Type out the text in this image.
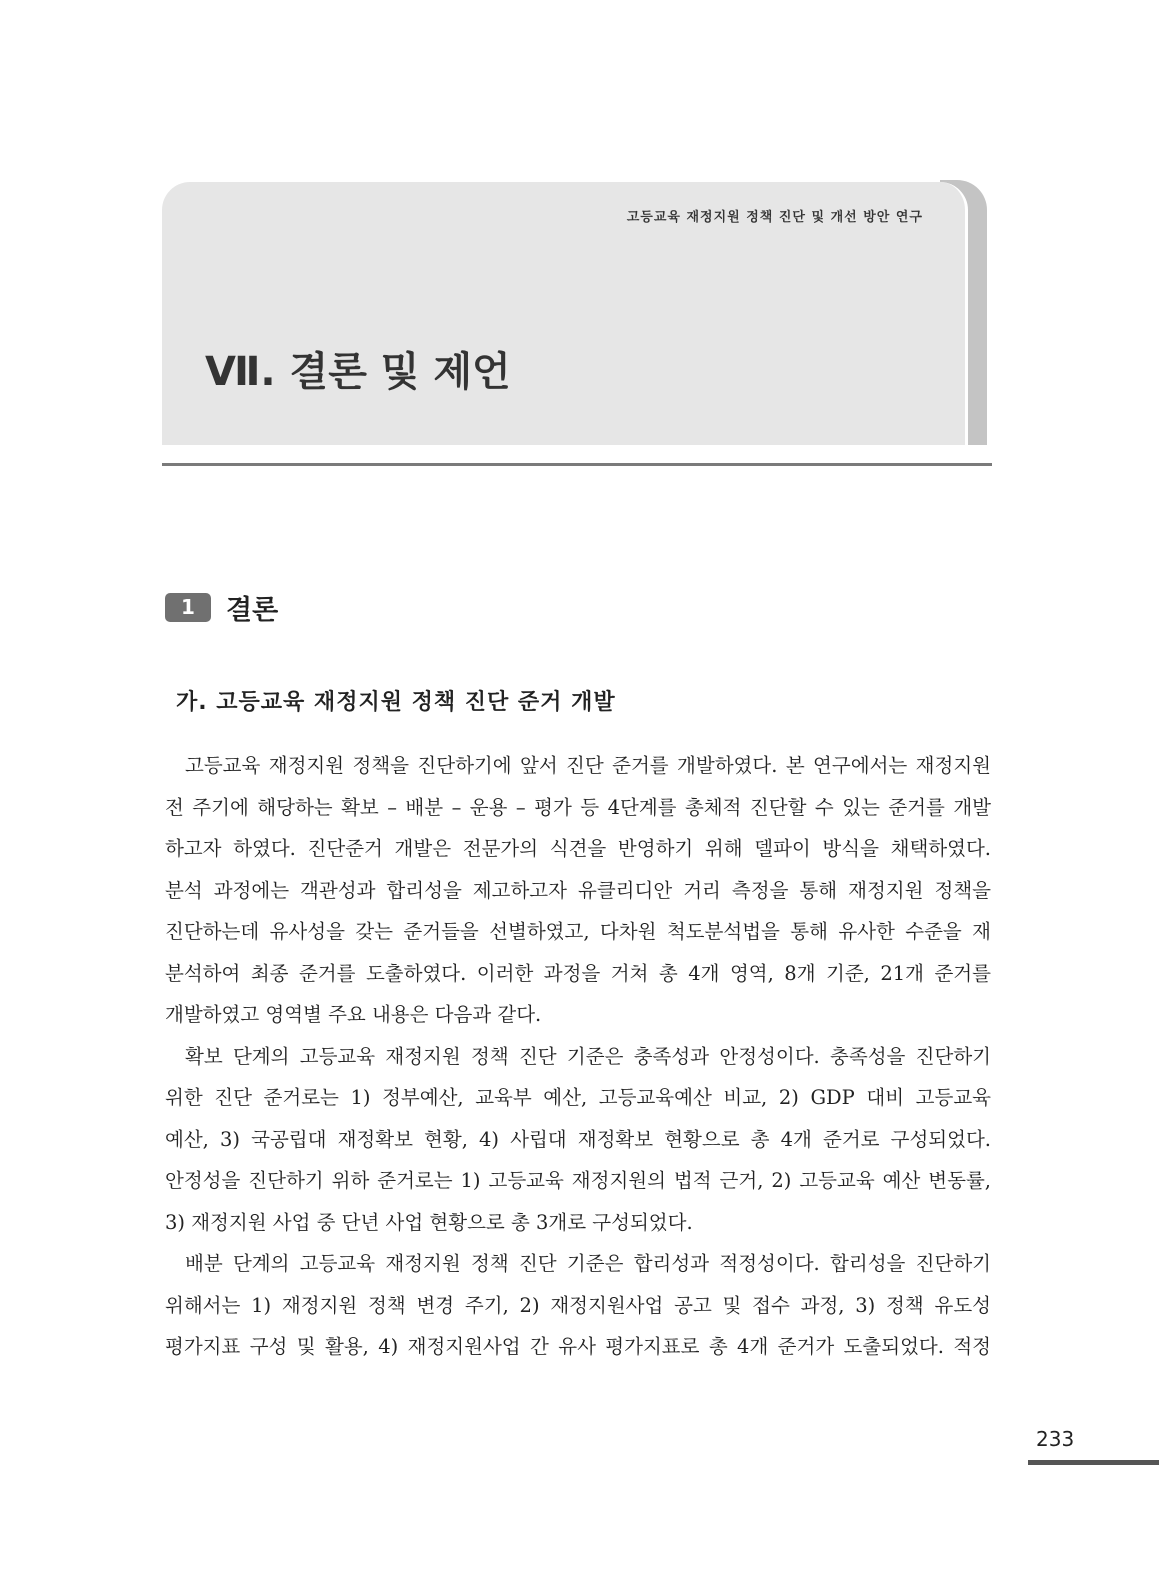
고등교육 재정지원 정책 진단 및 개선 방안 연구
Ⅶ. 결론 및 제언
1	결론
가. 고등교육 재정지원 정책 진단 준거 개발
고등교육 재정지원 정책을 진단하기에 앞서 진단 준거를 개발하였다. 본 연구에서는 재정지원
전 주기에 해당하는 확보 – 배분 – 운용 – 평가 등 4단계를 총체적 진단할 수 있는 준거를 개발
하고자 하였다. 진단준거 개발은 전문가의 식견을 반영하기 위해 델파이 방식을 채택하였다.
분석 과정에는 객관성과 합리성을 제고하고자 유클리디안 거리 측정을 통해 재정지원 정책을
진단하는데 유사성을 갖는 준거들을 선별하였고, 다차원 척도분석법을 통해 유사한 수준을 재
분석하여 최종 준거를 도출하였다. 이러한 과정을 거쳐 총 4개 영역, 8개 기준, 21개 준거를
개발하였고 영역별 주요 내용은 다음과 같다.
확보 단계의 고등교육 재정지원 정책 진단 기준은 충족성과 안정성이다. 충족성을 진단하기
위한 진단 준거로는 1) 정부예산, 교육부 예산, 고등교육예산 비교, 2) GDP 대비 고등교육
예산, 3) 국공립대 재정확보 현황, 4) 사립대 재정확보 현황으로 총 4개 준거로 구성되었다.
안정성을 진단하기 위하 준거로는 1) 고등교육 재정지원의 법적 근거, 2) 고등교육 예산 변동률,
3) 재정지원 사업 중 단년 사업 현황으로 총 3개로 구성되었다.
배분 단계의 고등교육 재정지원 정책 진단 기준은 합리성과 적정성이다. 합리성을 진단하기
위해서는 1) 재정지원 정책 변경 주기, 2) 재정지원사업 공고 및 접수 과정, 3) 정책 유도성
평가지표 구성 및 활용, 4) 재정지원사업 간 유사 평가지표로 총 4개 준거가 도출되었다. 적정
233
